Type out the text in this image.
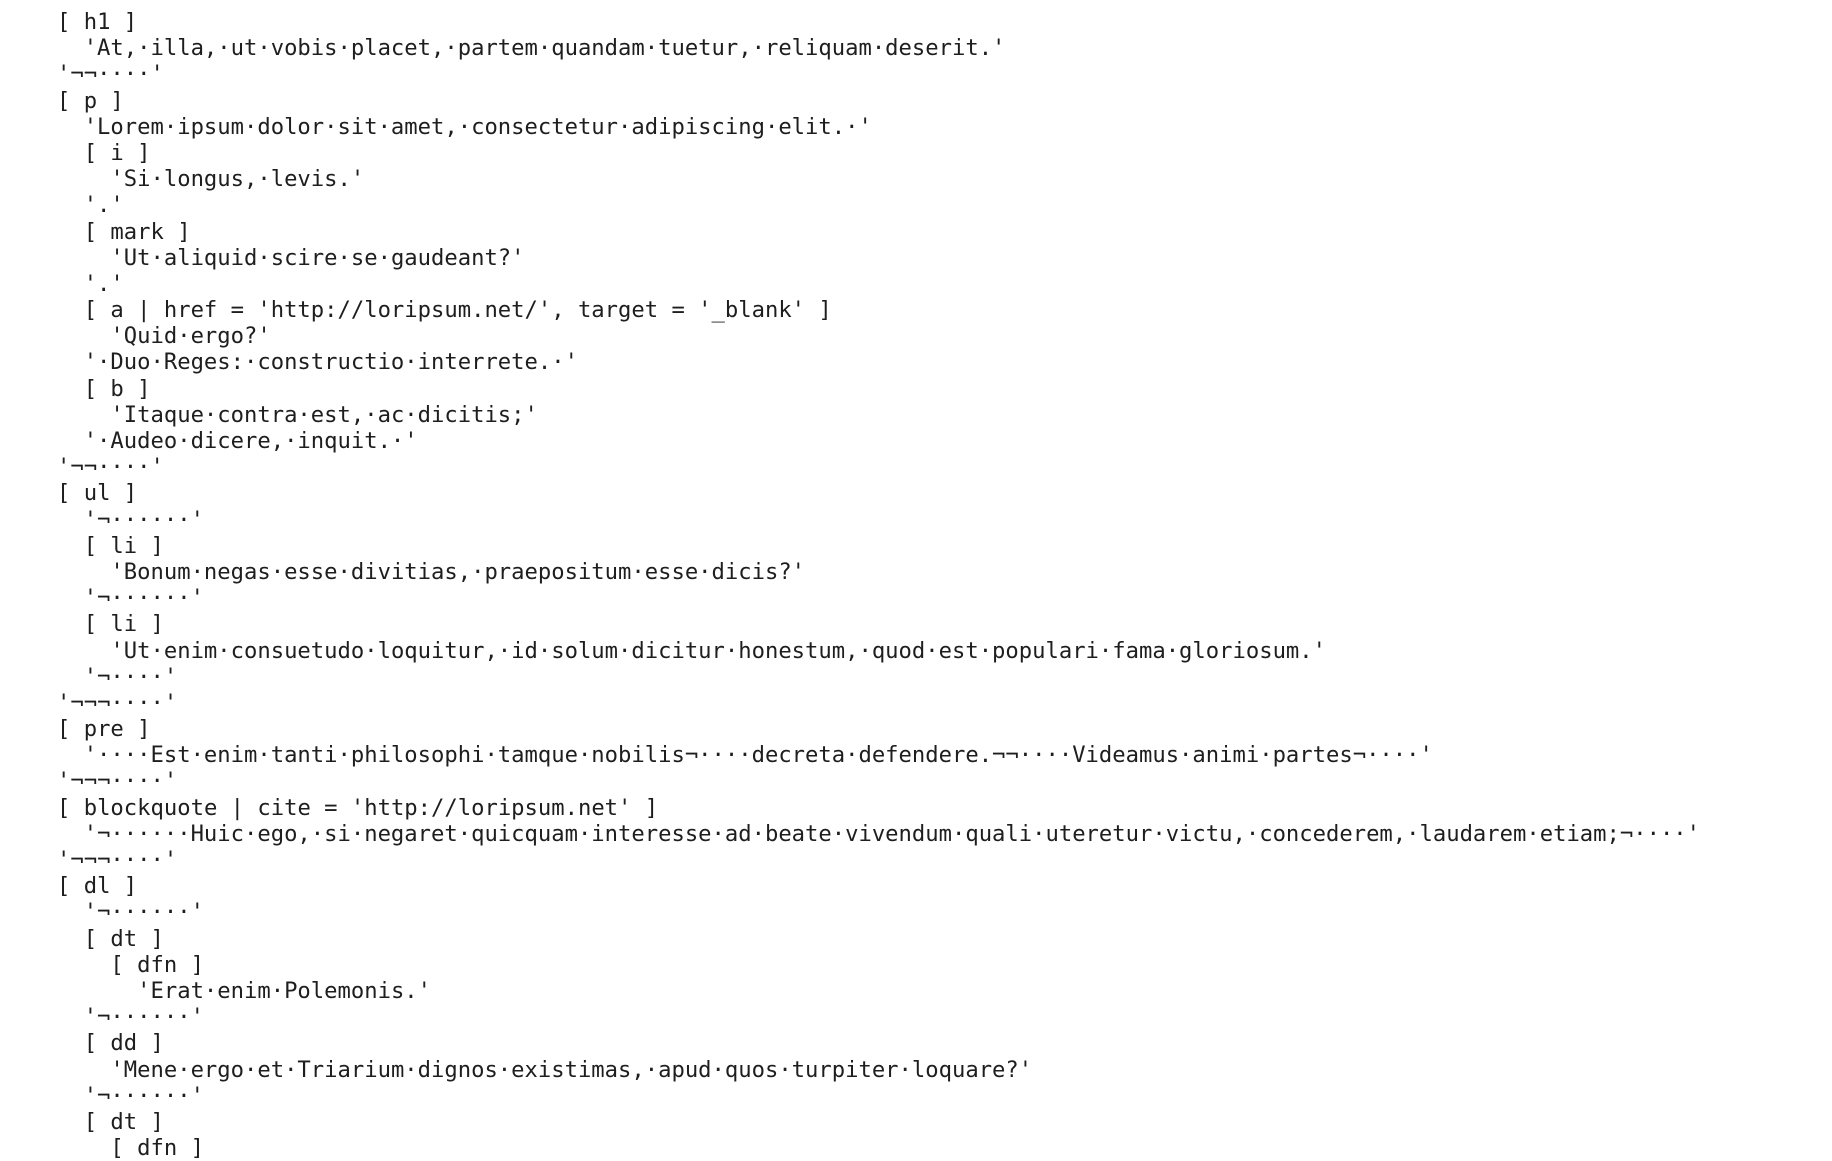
[ h1 ]
'At,·illa,·ut·vobis·placet,·partem·quandam·tuetur,·reliquam·deserit.'
'¬¬····'
[ p ]
'Lorem·ipsum·dolor·sit·amet,·consectetur·adipiscing·elit.·'
[ i ]
'Si·longus,·levis.'
'.'
[ mark ]
'Ut·aliquid·scire·se·gaudeant?'
'.'
[ a | href = 'http://loripsum.net/', target = '_blank' ]
'Quid·ergo?'
'·Duo·Reges:·constructio·interrete.·'
[ b ]
'Itaque·contra·est,·ac·dicitis;'
'·Audeo·dicere,·inquit.·'
'¬¬····'
[ ul ]
'¬······'
[ li ]
'Bonum·negas·esse·divitias,·praepositum·esse·dicis?'
'¬······'
[ li ]
'Ut·enim·consuetudo·loquitur,·id·solum·dicitur·honestum,·quod·est·populari·fama·gloriosum.'
'¬····'
'¬¬¬····'
[ pre ]
'····Est·enim·tanti·philosophi·tamque·nobilis¬····decreta·defendere.¬¬····Videamus·animi·partes¬····'
'¬¬¬····'
[ blockquote | cite = 'http://loripsum.net' ]
'¬······Huic·ego,·si·negaret·quicquam·interesse·ad·beate·vivendum·quali·uteretur·victu,·concederem,·laudarem·etiam;¬····'
'¬¬¬····'
[ dl ]
'¬······'
[ dt ]
[ dfn ]
'Erat·enim·Polemonis.'
'¬······'
[ dd ]
'Mene·ergo·et·Triarium·dignos·existimas,·apud·quos·turpiter·loquare?'
'¬······'
[ dt ]
[ dfn ]
